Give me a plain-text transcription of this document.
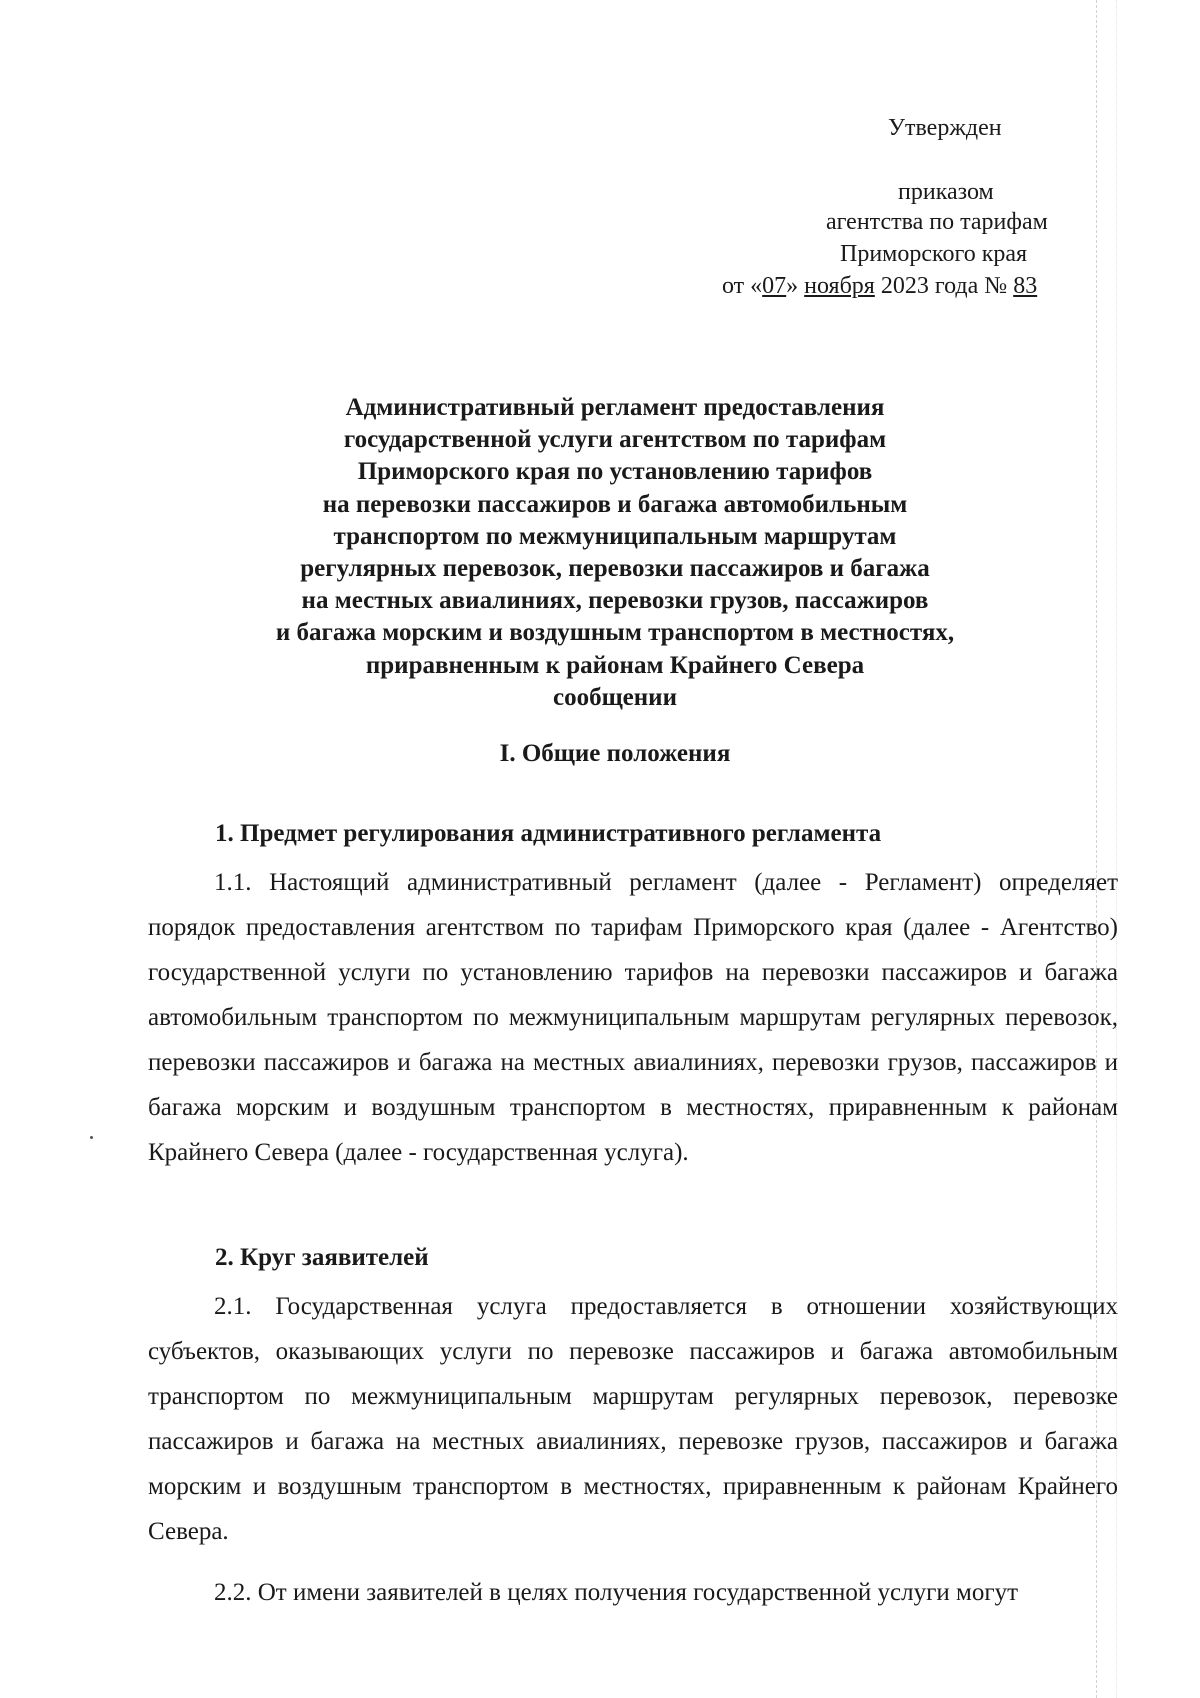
Утвержден
приказом
агентства по тарифам
Приморского края
от «07» ноября 2023 года № 83
Административный регламент предоставления
государственной услуги агентством по тарифам
Приморского края по установлению тарифов
на перевозки пассажиров и багажа автомобильным
транспортом по межмуниципальным маршрутам
регулярных перевозок, перевозки пассажиров и багажа
на местных авиалиниях, перевозки грузов, пассажиров
и багажа морским и воздушным транспортом в местностях,
приравненным к районам Крайнего Севера
сообщении
I. Общие положения
1. Предмет регулирования административного регламента
1.1. Настоящий административный регламент (далее - Регламент) определяет порядок предоставления агентством по тарифам Приморского края (далее - Агентство) государственной услуги по установлению тарифов на перевозки пассажиров и багажа автомобильным транспортом по межмуниципальным маршрутам регулярных перевозок, перевозки пассажиров и багажа на местных авиалиниях, перевозки грузов, пассажиров и багажа морским и воздушным транспортом в местностях, приравненным к районам Крайнего Севера (далее - государственная услуга).
2. Круг заявителей
2.1. Государственная услуга предоставляется в отношении хозяйствующих субъектов, оказывающих услуги по перевозке пассажиров и багажа автомобильным транспортом по межмуниципальным маршрутам регулярных перевозок, перевозке пассажиров и багажа на местных авиалиниях, перевозке грузов, пассажиров и багажа морским и воздушным транспортом в местностях, приравненным к районам Крайнего Севера.
2.2. От имени заявителей в целях получения государственной услуги могут
